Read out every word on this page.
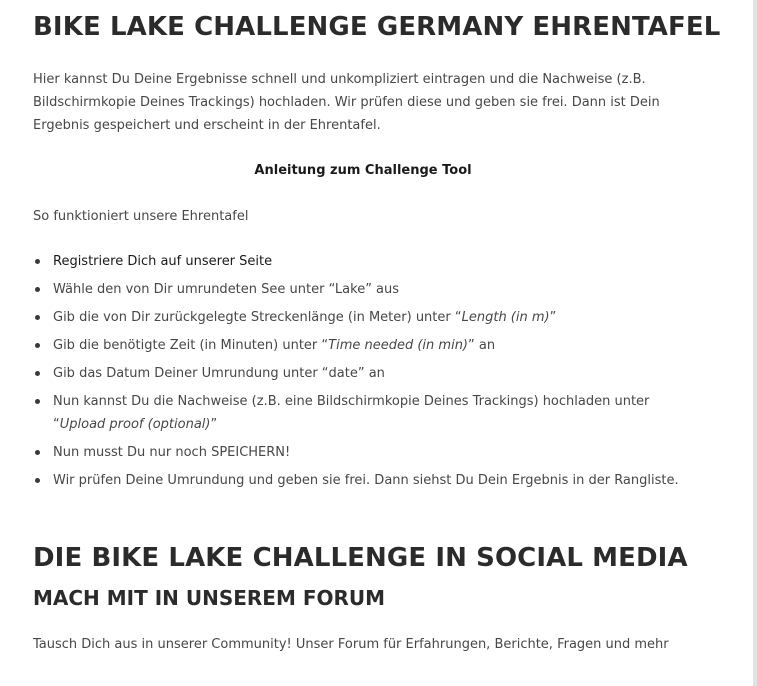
BIKE LAKE CHALLENGE GERMANY EHRENTAFEL

Hier kannst Du Deine Ergebnisse schnell und unkompliziert eintragen und die Nachweise (z.B. Bildschirmkopie Deines Trackings) hochladen. Wir prüfen diese und geben sie frei. Dann ist Dein Ergebnis gespeichert und erscheint in der Ehrentafel.

Anleitung zum Challenge Tool

So funktioniert unsere Ehrentafel

Registriere Dich auf unserer Seite
Wähle den von Dir umrundeten See unter “Lake” aus
Gib die von Dir zurückgelegte Streckenlänge (in Meter) unter “Length (in m)”
Gib die benötigte Zeit (in Minuten) unter “Time needed (in min)” an
Gib das Datum Deiner Umrundung unter “date” an
Nun kannst Du die Nachweise (z.B. eine Bildschirmkopie Deines Trackings) hochladen unter “Upload proof (optional)”
Nun musst Du nur noch SPEICHERN!
Wir prüfen Deine Umrundung und geben sie frei. Dann siehst Du Dein Ergebnis in der Rangliste.
DIE BIKE LAKE CHALLENGE IN SOCIAL MEDIA
MACH MIT IN UNSEREM FORUM

Tausch Dich aus in unserer Community! Unser Forum für Erfahrungen, Berichte, Fragen und mehr
